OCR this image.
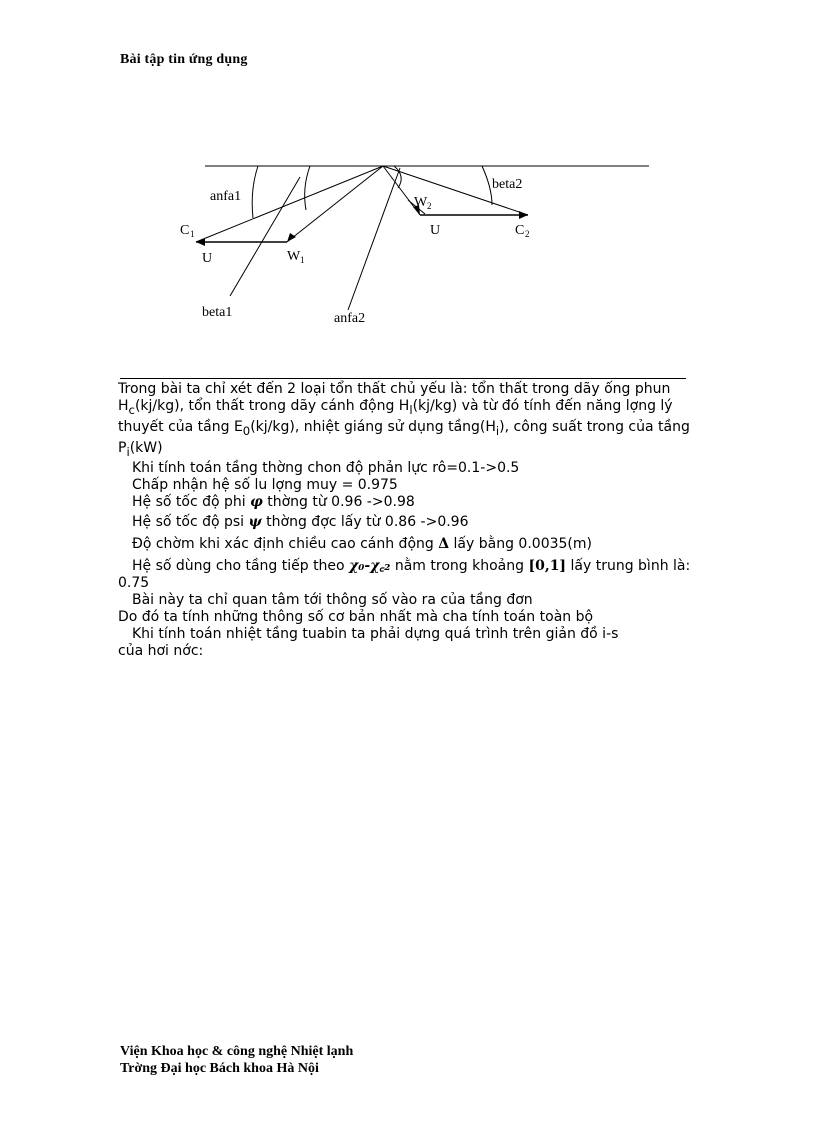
Bài tập tin ứng dụng
anfa1
beta1	anfa2
beta2
C 1
U	W 1
W 2
U	C 2

Trong bài ta chỉ xét đến 2 loại tổn thất chủ yếu là: tổn thất trong dãy ống phun $H_c(kj/kg)$, tổn thất trong dãy cánh động $H_l(kj/kg)$ và từ đó tính đến năng lợng lý thuyết của tầng $E_0(kj/kg)$, nhiệt giáng sử dụng $tầng(H_i)$, công suất trong của tầng $P_i(kW)$

Khi tính toán tầng thờng chon độ phản lực rô=0.1->0.5

Chấp nhận hệ số lu lợng muy = 0.975

Hệ số tốc độ phi φ thờng từ 0.96 ->0.98

Hệ số tốc độ psi ψ thờng đợc lấy từ 0.86 ->0.96

Độ chờm khi xác định chiều cao cánh động Δ lấy bằng 0.0035(m)

Hệ số dùng cho tầng tiếp theo χ₀-χ꜀₂ nằm trong khoảng [0,1] lấy trung bình là: 0.75

Bài này ta chỉ quan tâm tới thông số vào ra của tầng đơn

Do đó ta tính những thông số cơ bản nhất mà cha tính toán toàn bộ

Khi tính toán nhiệt tầng tuabin ta phải dựng quá trình trên giản đồ i-s

của hơi nớc:

Viện Khoa học & công nghệ Nhiệt lạnh
Trờng Đại học Bách khoa Hà Nội
